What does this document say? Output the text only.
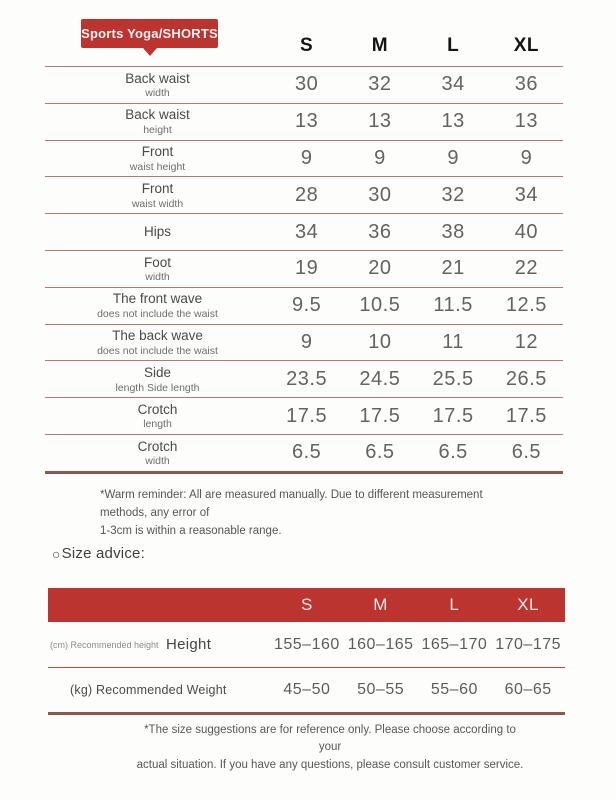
Sports Yoga/SHORTS
S	M	L	XL
Back waist
width	30	32	34	36
Back waist
height	13	13	13	13
Front
waist height	9	9	9	9
Front
waist width	28	30	32	34
Hips	34	36	38	40
Foot
width	19	20	21	22
The front wave
does not include the waist	9.5	10.5	11.5	12.5
The back wave
does not include the waist	9	10	11	12
Side
length Side length	23.5	24.5	25.5	26.5
Crotch
length	17.5	17.5	17.5	17.5
Crotch
width	6.5	6.5	6.5	6.5
*Warm reminder: All are measured manually. Due to different measurement methods, any error of
1-3cm is within a reasonable range.
○ Size advice:
S	M	L	XL
(cm) Recommended height Height	155–160 160–165 165–170 170–175
(kg) Recommended Weight	45–50	50–55	55–60	60–65
*The size suggestions are for reference only. Please choose according to your
actual situation. If you have any questions, please consult customer service.
